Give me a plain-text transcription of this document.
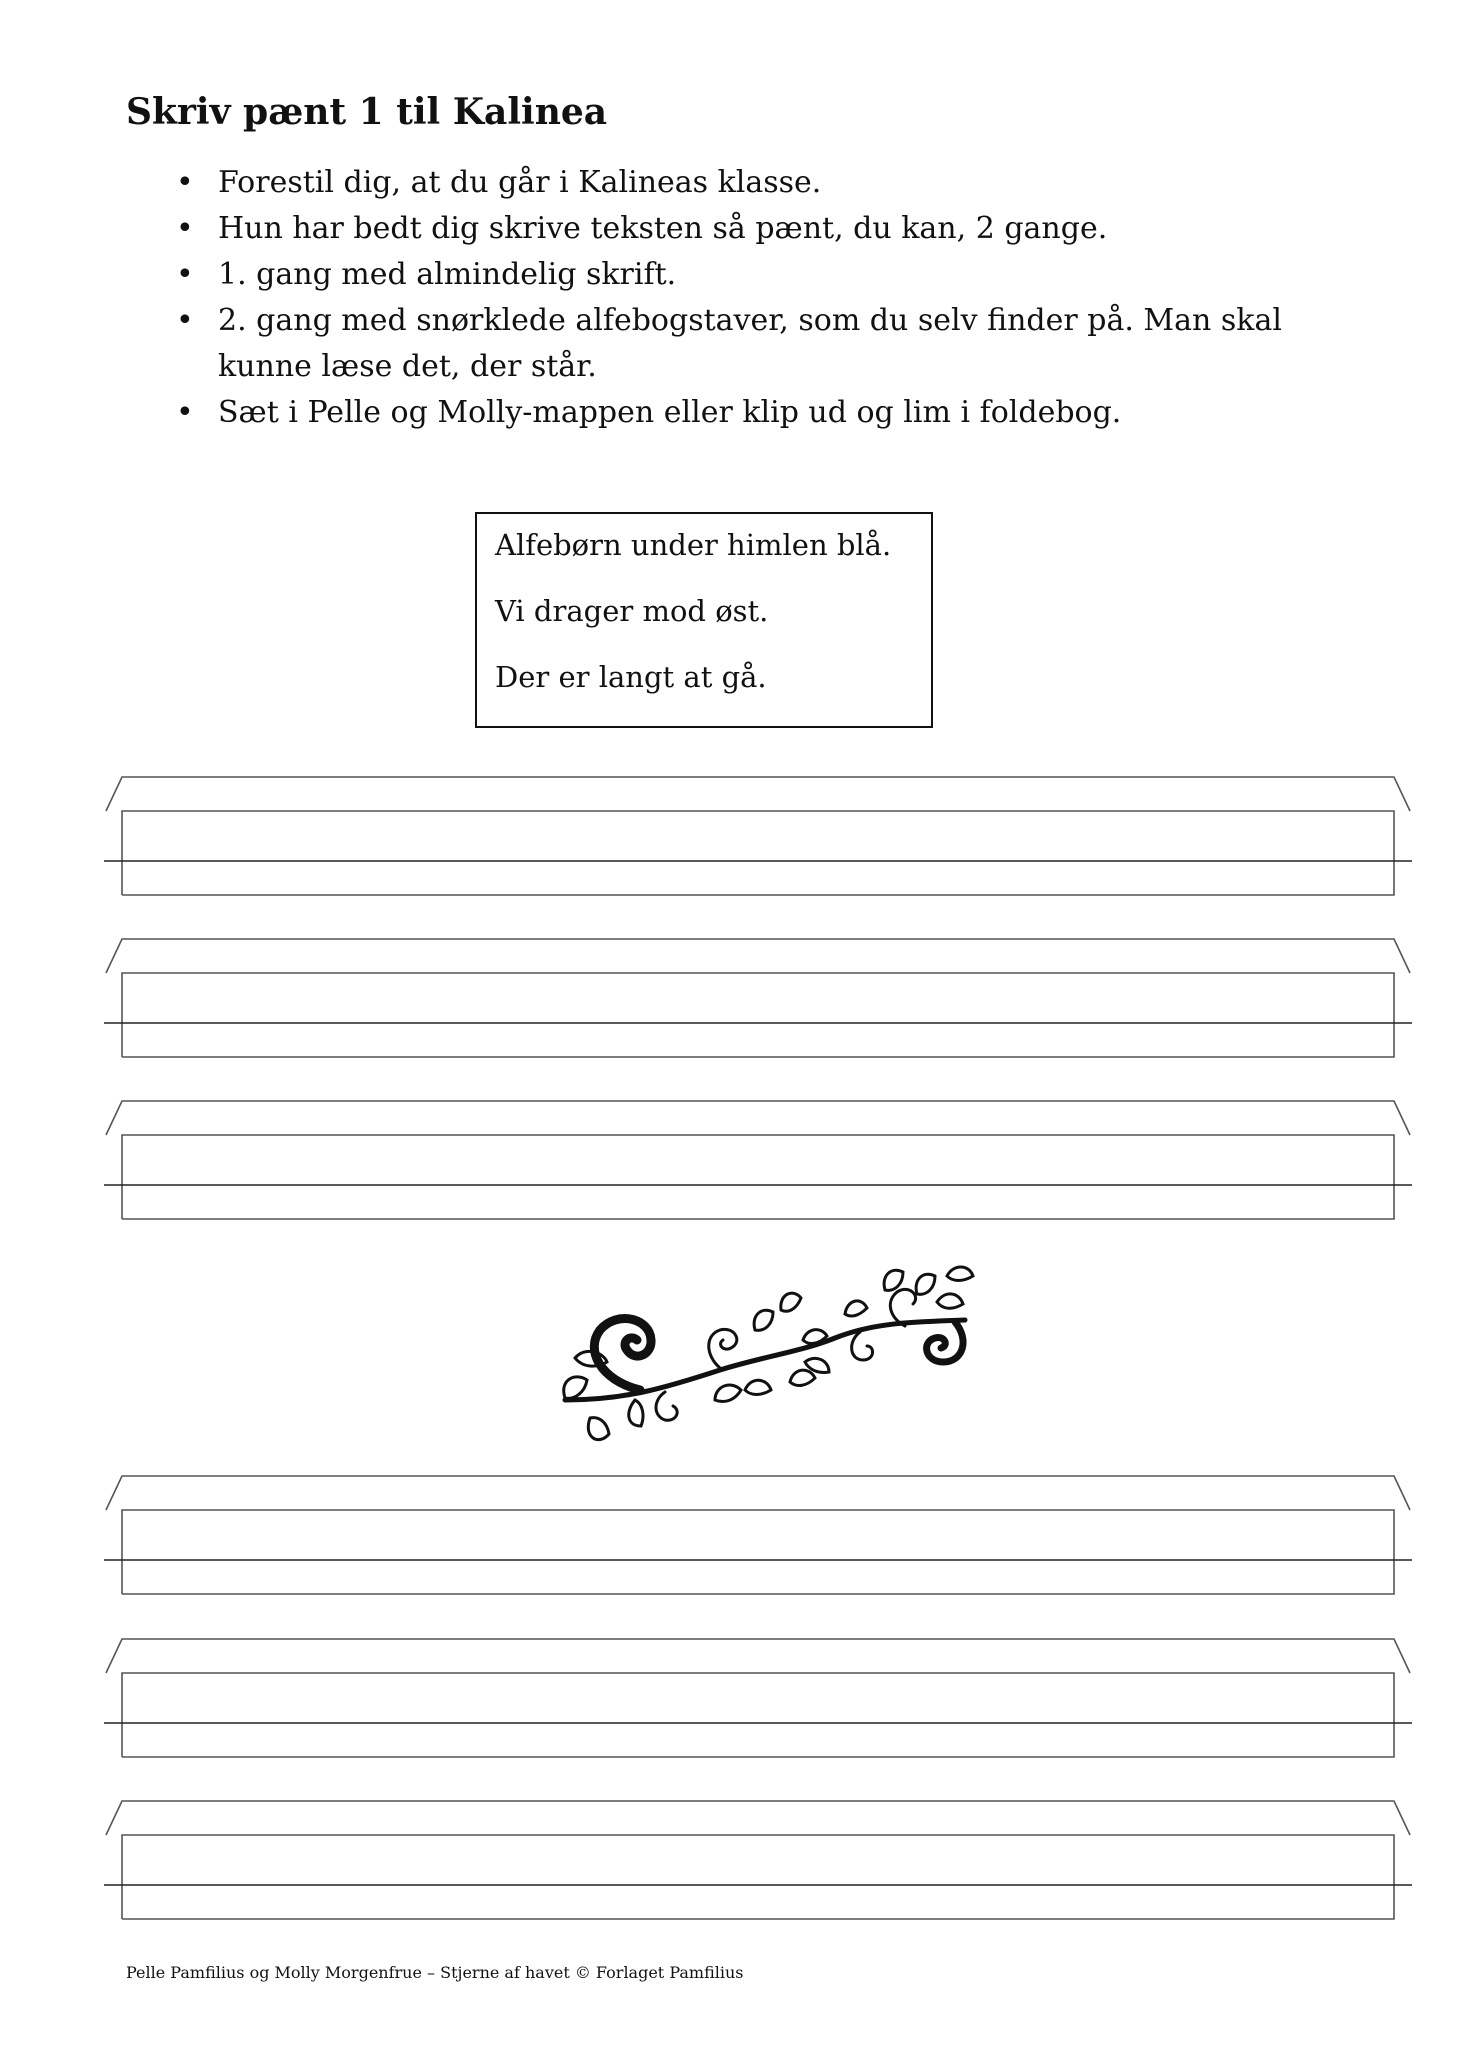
Skriv pænt 1 til Kalinea
• Forestil dig, at du går i Kalineas klasse.
• Hun har bedt dig skrive teksten så pænt, du kan, 2 gange.
• 1. gang med almindelig skrift.
• 2. gang med snørklede alfebogstaver, som du selv finder på. Man skal kunne læse det, der står.
• Sæt i Pelle og Molly-mappen eller klip ud og lim i foldebog.
Alfebørn under himlen blå.
Vi drager mod øst.
Der er langt at gå.
Pelle Pamfilius og Molly Morgenfrue – Stjerne af havet © Forlaget Pamfilius
